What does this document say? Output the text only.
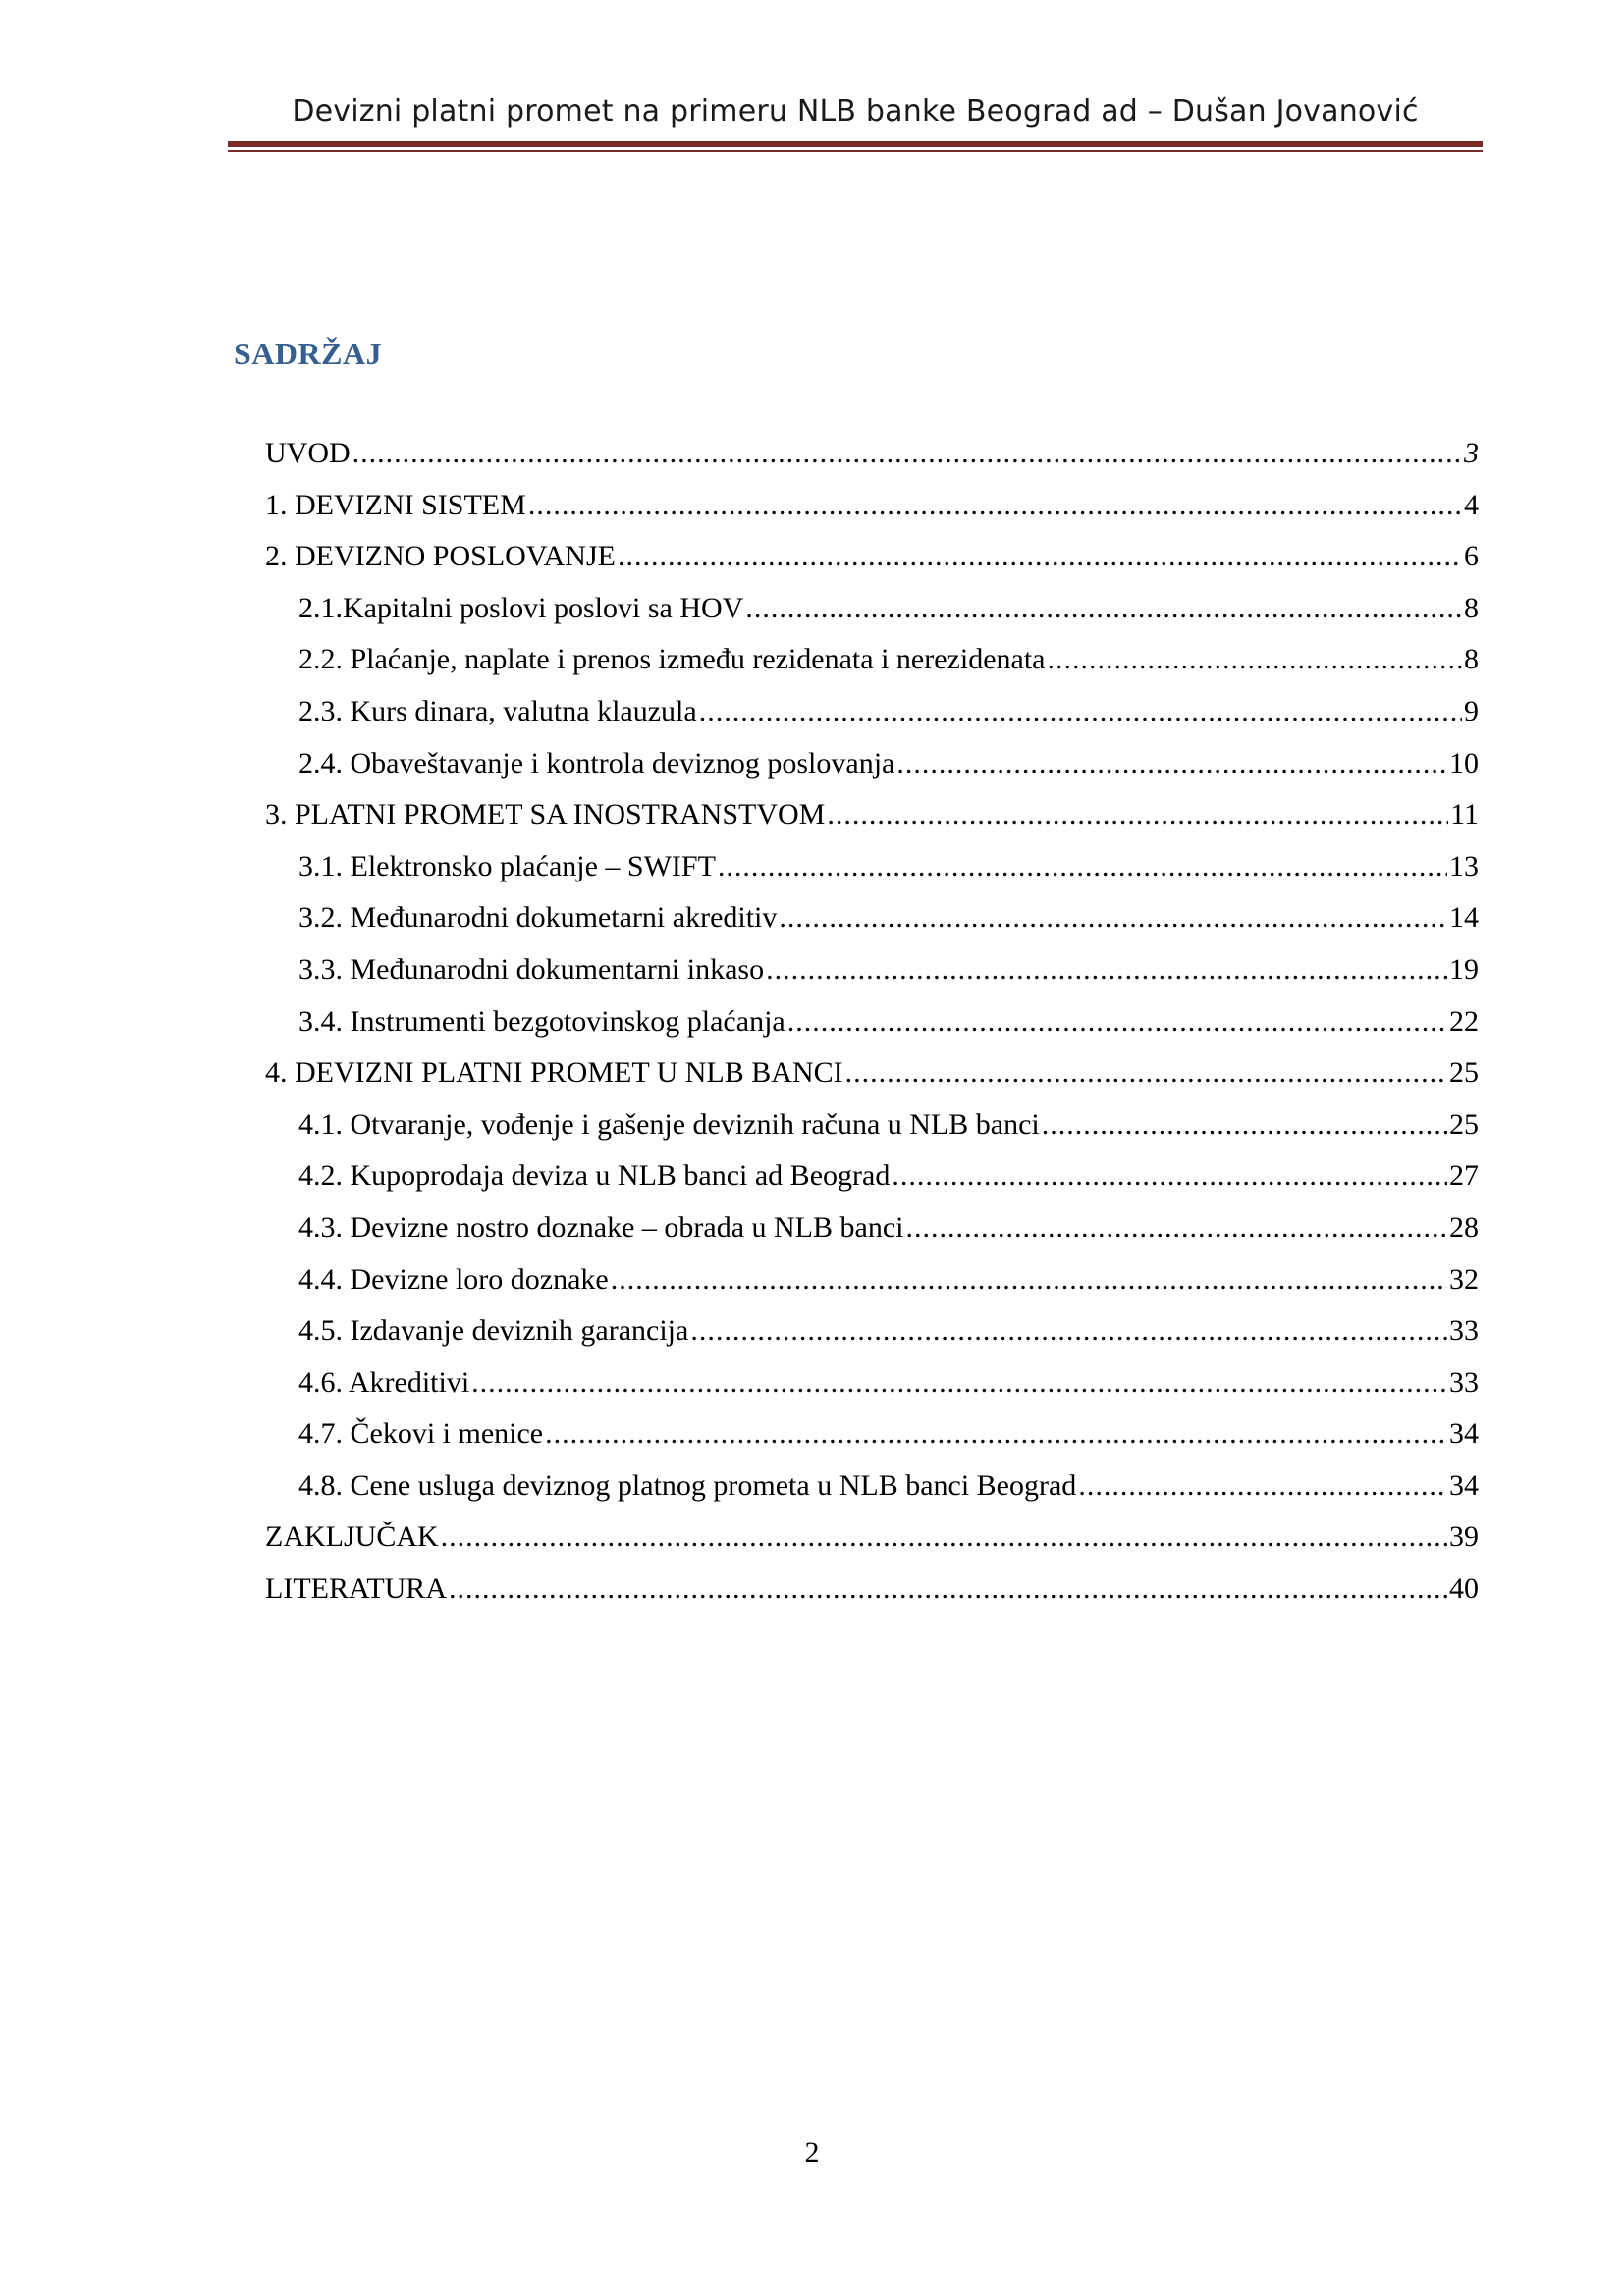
Devizni platni promet na primeru NLB banke Beograd ad – Dušan Jovanović
SADRŽAJ
UVOD .....	3
1. DEVIZNI SISTEM .....	4
2. DEVIZNO POSLOVANJE .....	6
2.1.Kapitalni poslovi poslovi sa HOV .....	8
2.2. Plaćanje, naplate i prenos između rezidenata i nerezidenata .....	8
2.3. Kurs dinara, valutna klauzula .....	9
2.4. Obaveštavanje i kontrola deviznog poslovanja .....	10
3. PLATNI PROMET SA INOSTRANSTVOM .....	11
3.1. Elektronsko plaćanje – SWIFT .....	13
3.2. Međunarodni dokumetarni akreditiv .....	14
3.3. Međunarodni dokumentarni inkaso .....	19
3.4. Instrumenti bezgotovinskog plaćanja .....	22
4. DEVIZNI PLATNI PROMET U NLB BANCI .....	25
4.1. Otvaranje, vođenje i gašenje deviznih računa u NLB banci .....	25
4.2. Kupoprodaja deviza u NLB banci ad Beograd .....	27
4.3. Devizne nostro doznake – obrada u NLB banci .....	28
4.4. Devizne loro doznake .....	32
4.5. Izdavanje deviznih garancija .....	33
4.6. Akreditivi .....	33
4.7. Čekovi i menice .....	34
4.8. Cene usluga deviznog platnog prometa u NLB banci Beograd .....	34
ZAKLJUČAK .....	39
LITERATURA .....	40
2
